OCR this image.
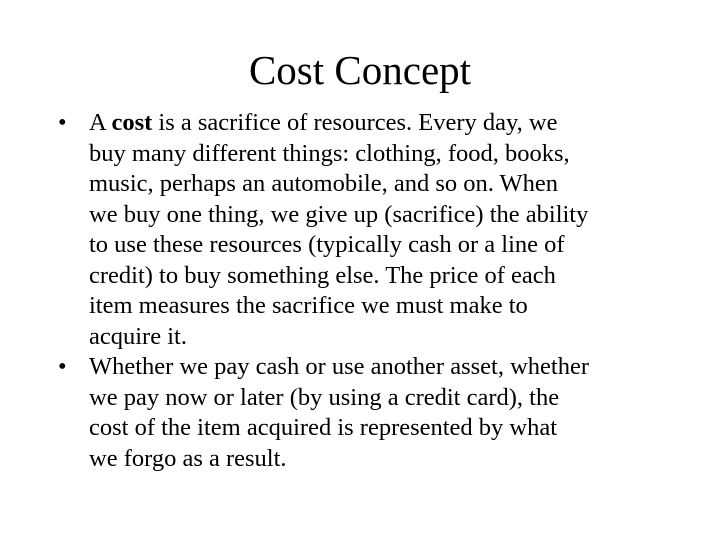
Cost Concept
• A cost is a sacrifice of resources. Every day, we
buy many different things: clothing, food, books,
music, perhaps an automobile, and so on. When
we buy one thing, we give up (sacrifice) the ability
to use these resources (typically cash or a line of
credit) to buy something else. The price of each
item measures the sacrifice we must make to
acquire it.
• Whether we pay cash or use another asset, whether
we pay now or later (by using a credit card), the
cost of the item acquired is represented by what
we forgo as a result.
